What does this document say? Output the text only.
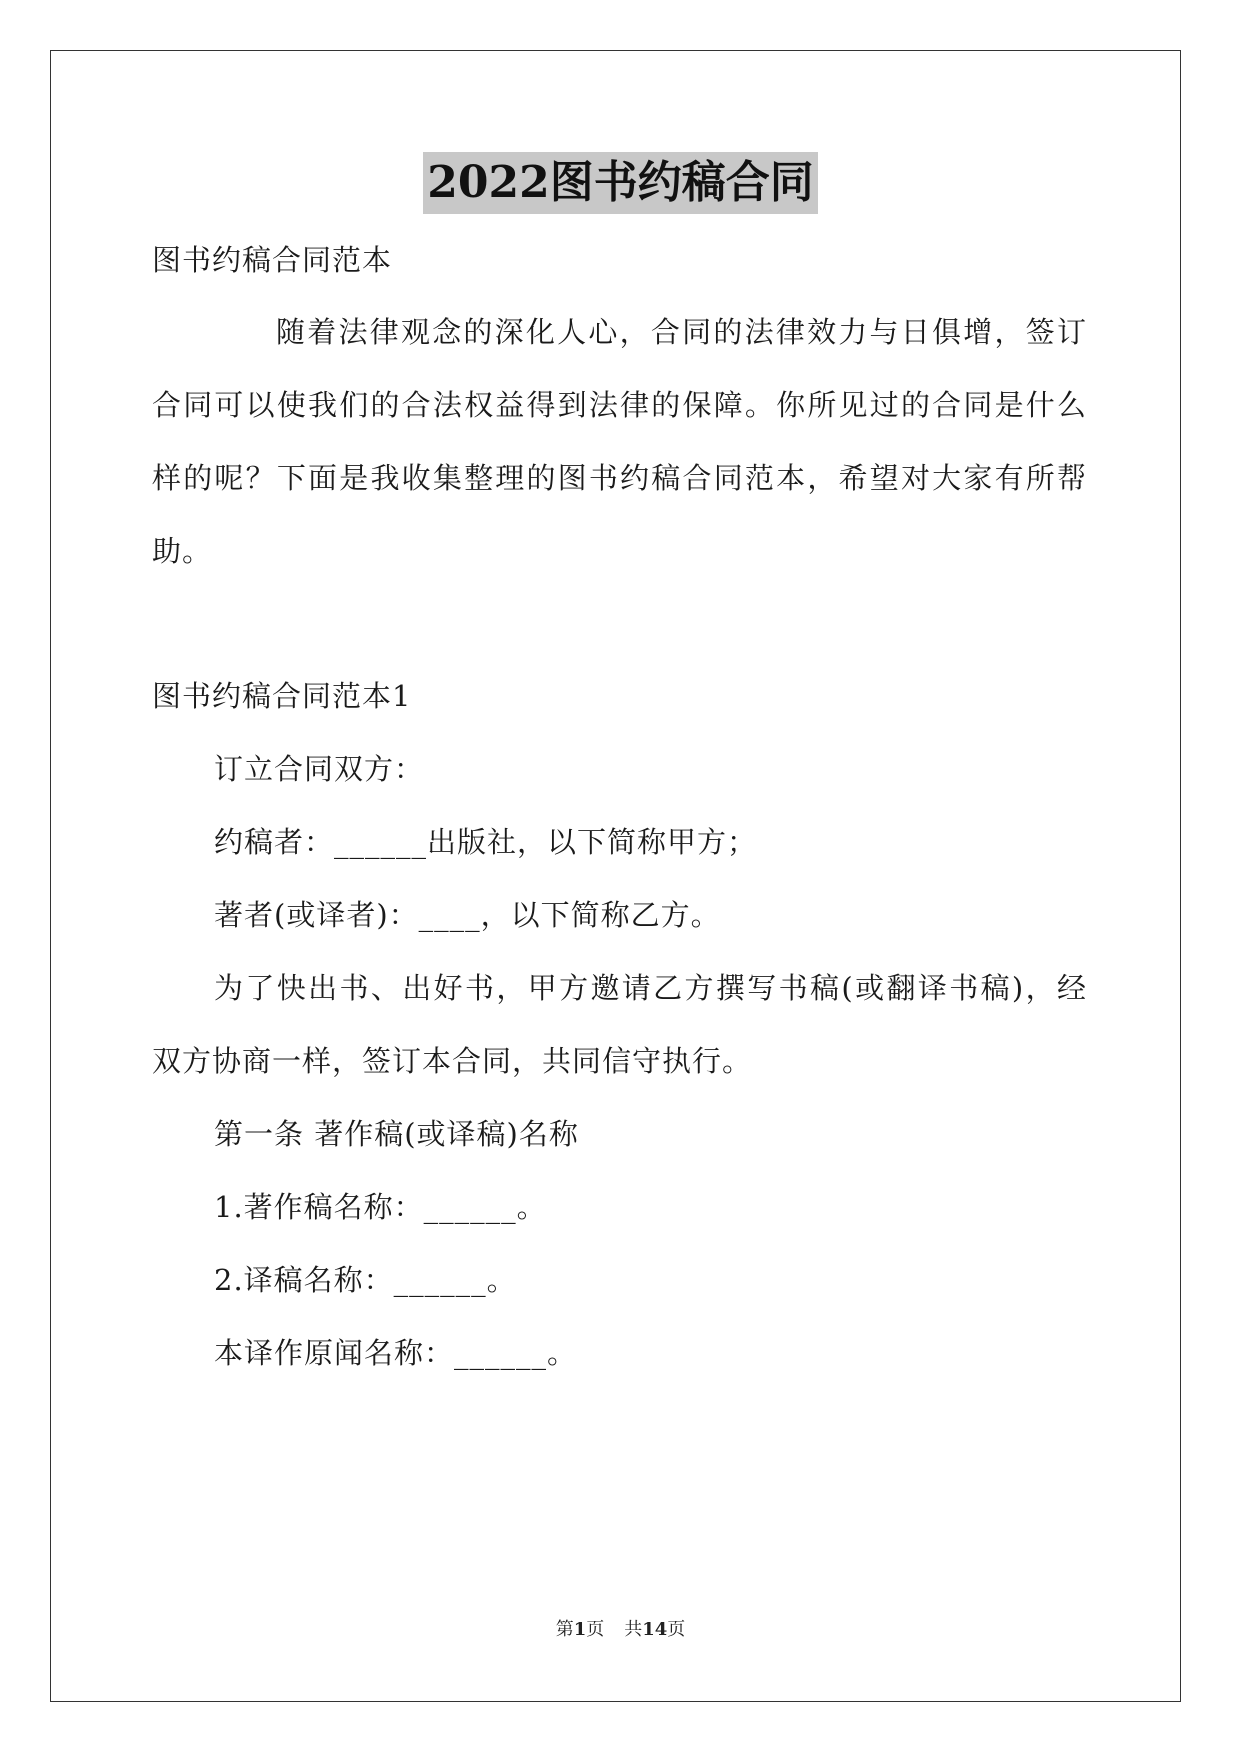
2022图书约稿合同
图书约稿合同范本
随着法律观念的深化人心，合同的法律效力与日俱增，签订
合同可以使我们的合法权益得到法律的保障。你所见过的合同是什么
样的呢？下面是我收集整理的图书约稿合同范本，希望对大家有所帮
助。
图书约稿合同范本1
订立合同双方：
约稿者：______出版社，以下简称甲方；
著者(或译者)：____，以下简称乙方。
为了快出书、出好书，甲方邀请乙方撰写书稿(或翻译书稿)，经
双方协商一样，签订本合同，共同信守执行。
第一条 著作稿(或译稿)名称
1.著作稿名称：______。
2.译稿名称：______。
本译作原闻名称：______。
第1页 共14页
